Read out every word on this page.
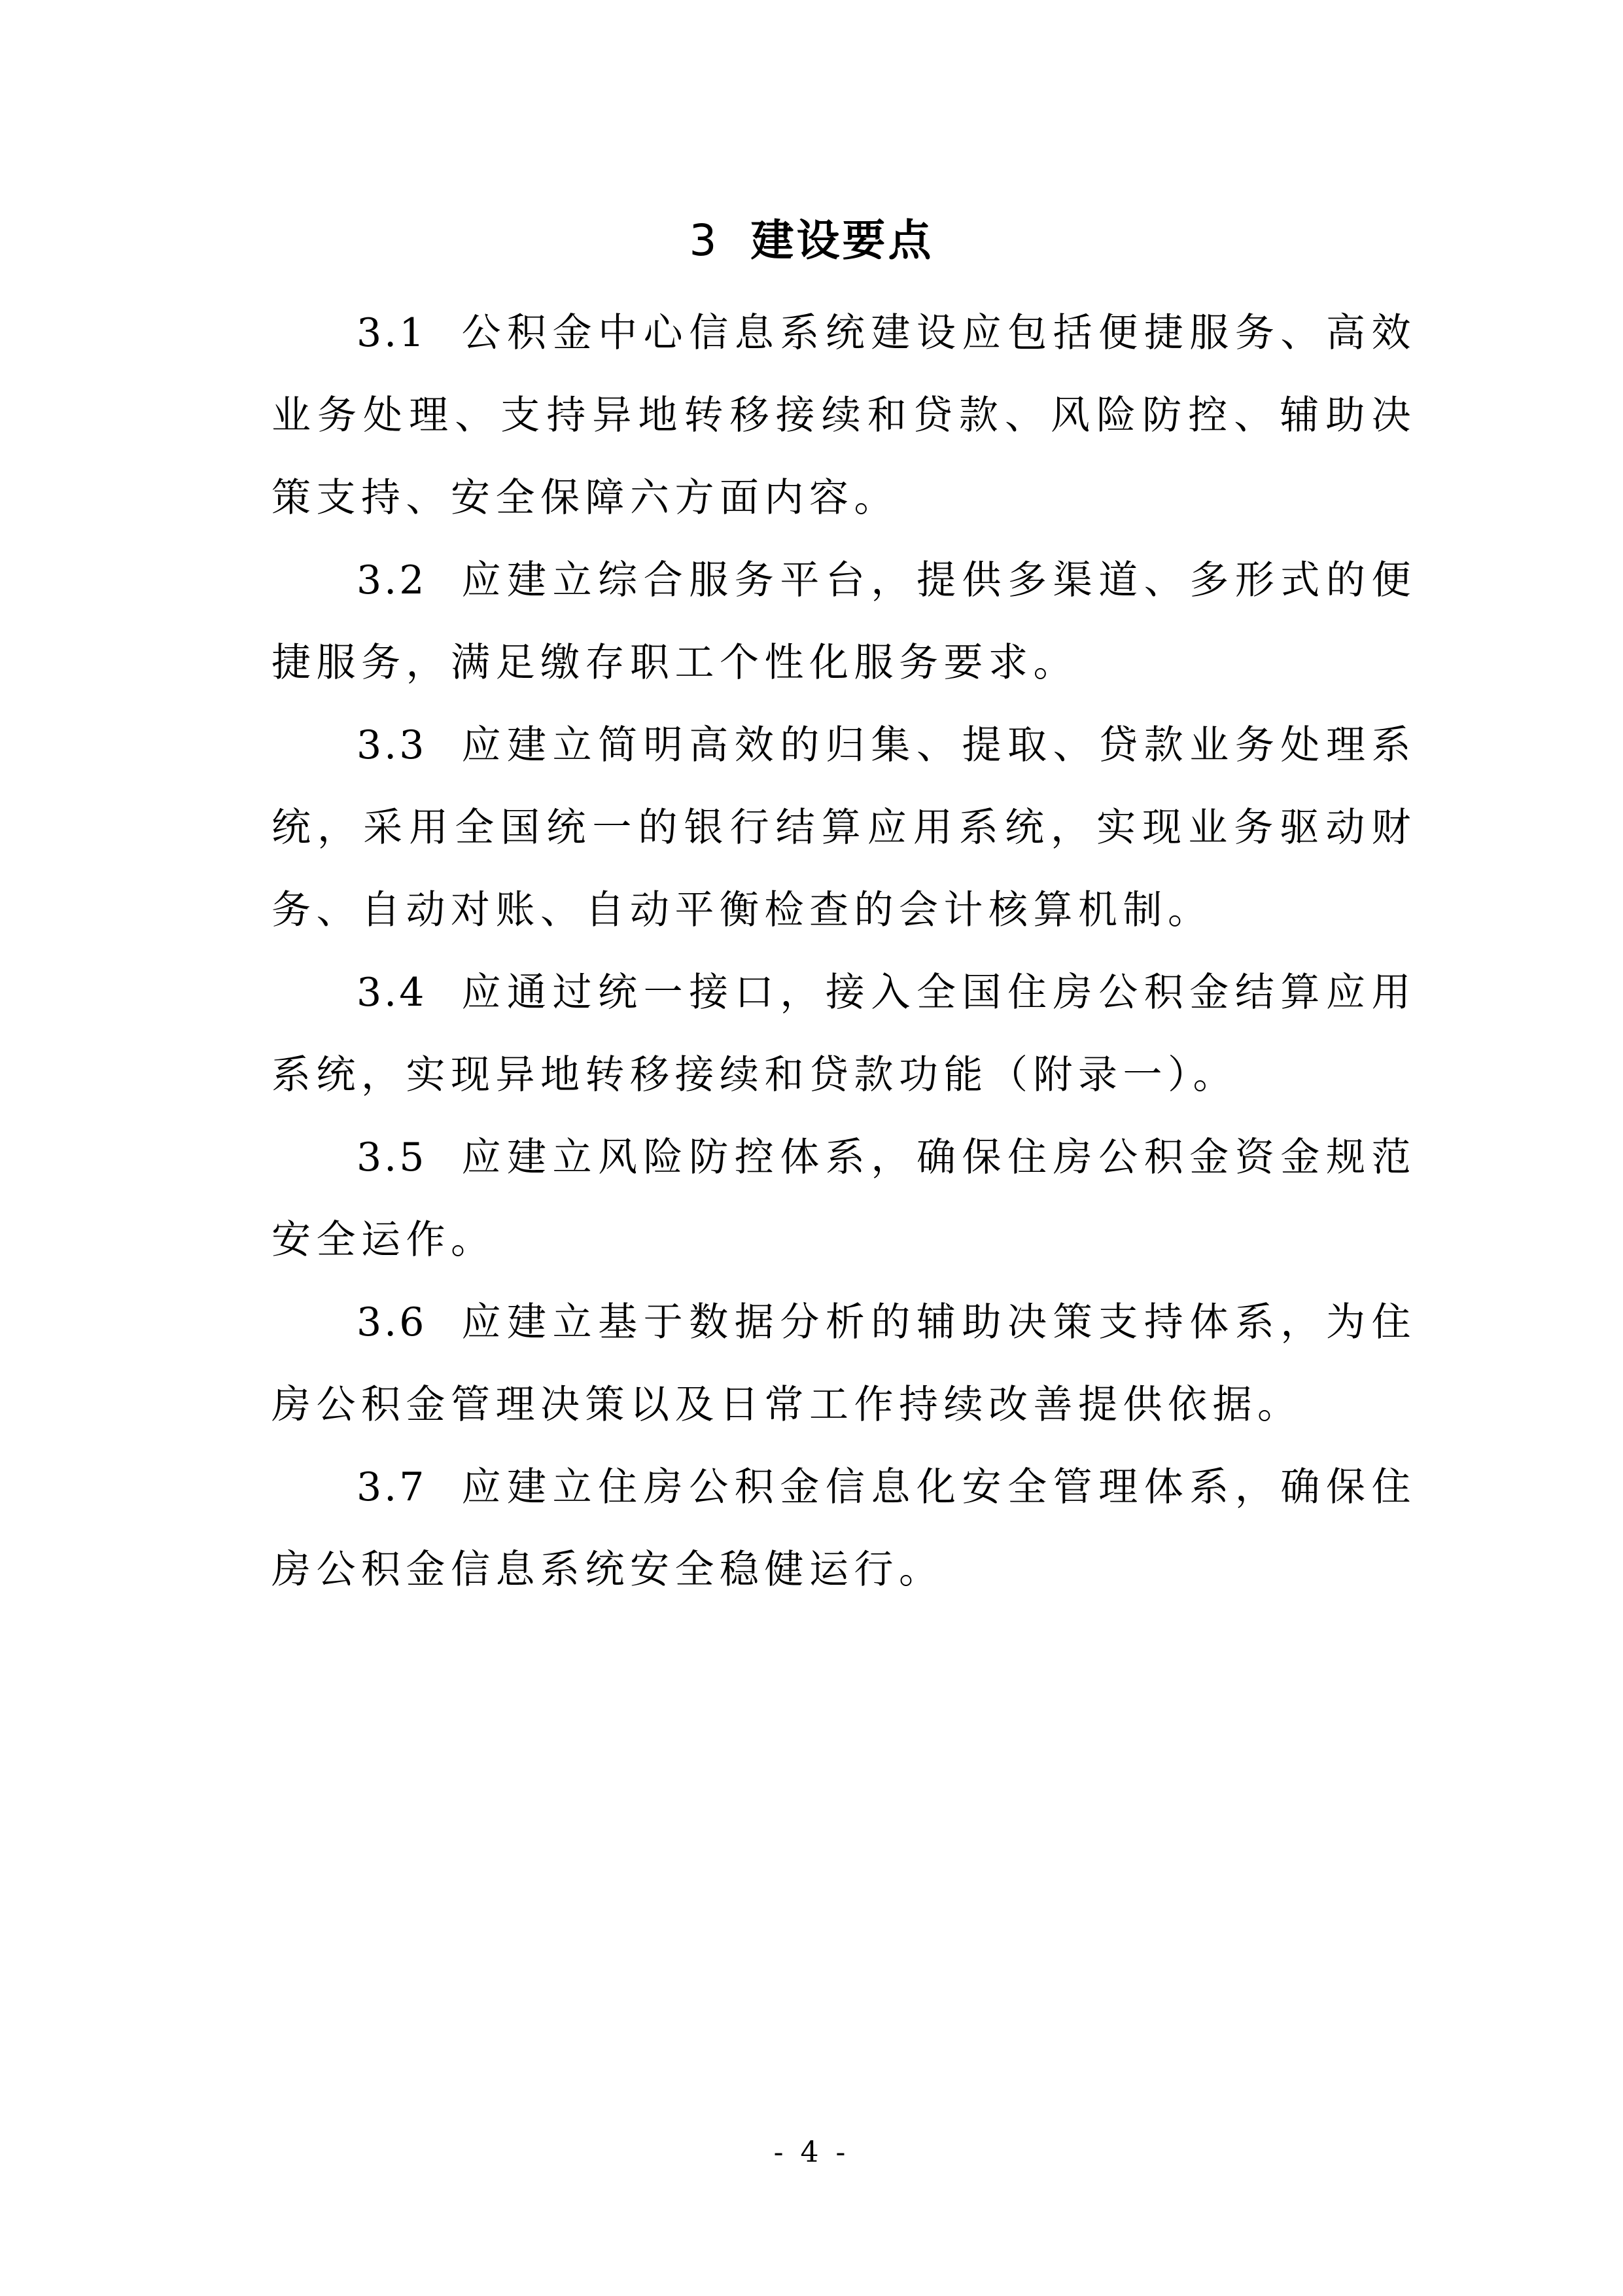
3 建设要点

3.1 公积金中心信息系统建设应包括便捷服务、高效业务处理、支持异地转移接续和贷款、风险防控、辅助决策支持、安全保障六方面内容。

3.2 应建立综合服务平台，提供多渠道、多形式的便捷服务，满足缴存职工个性化服务要求。

3.3 应建立简明高效的归集、提取、贷款业务处理系统，采用全国统一的银行结算应用系统，实现业务驱动财务、自动对账、自动平衡检查的会计核算机制。

3.4 应通过统一接口，接入全国住房公积金结算应用系统，实现异地转移接续和贷款功能（附录一）。

3.5 应建立风险防控体系，确保住房公积金资金规范安全运作。

3.6 应建立基于数据分析的辅助决策支持体系，为住房公积金管理决策以及日常工作持续改善提供依据。

3.7 应建立住房公积金信息化安全管理体系，确保住房公积金信息系统安全稳健运行。

- 4 -
